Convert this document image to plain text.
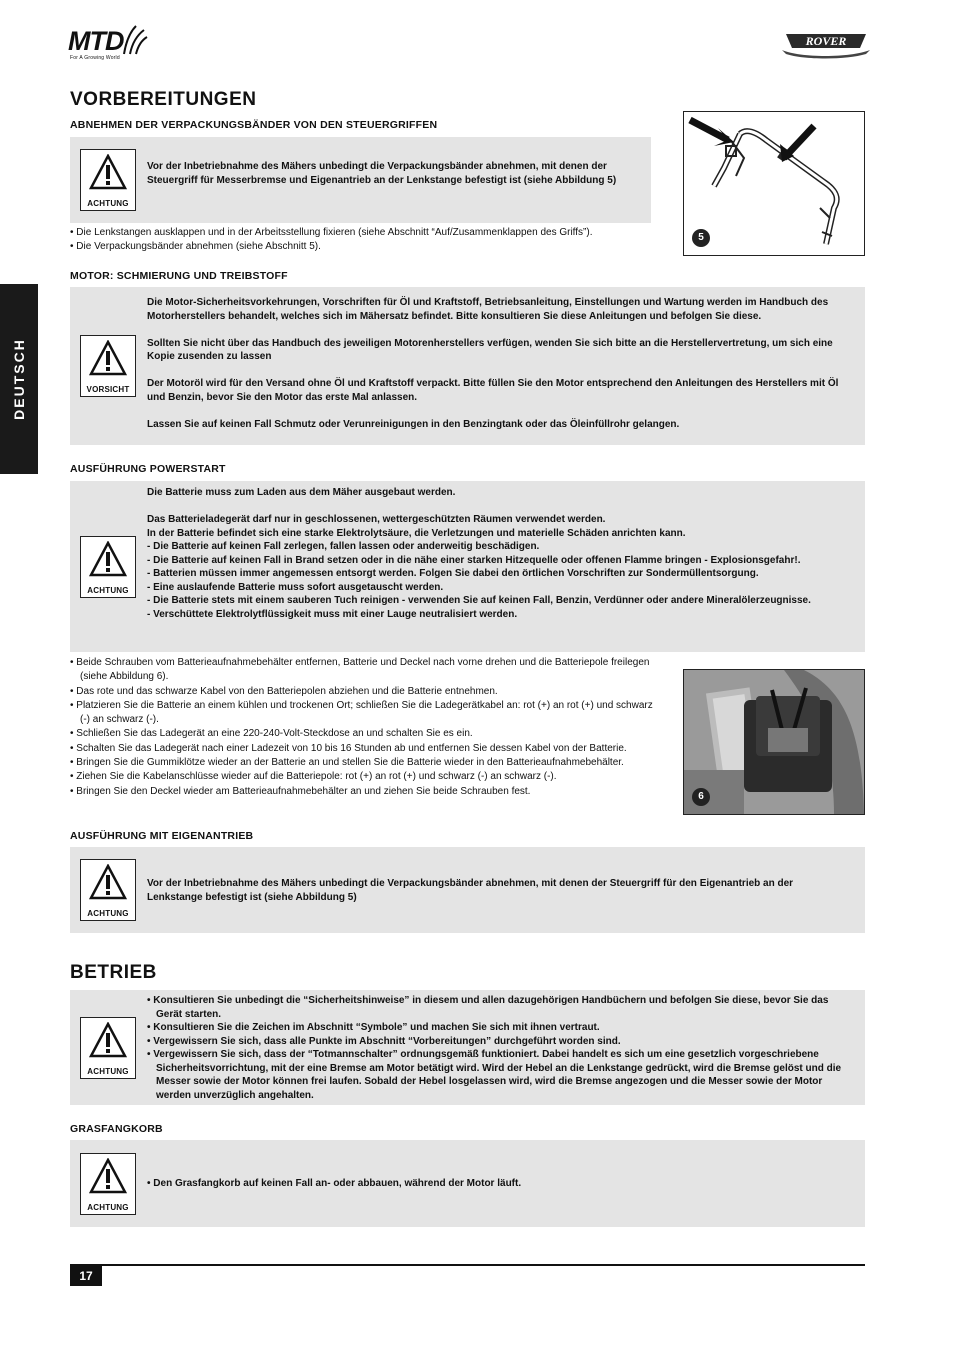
MTD
For A Growing World
ROVER
DEUTSCH
VORBEREITUNGEN
ABNEHMEN DER VERPACKUNGSBÄNDER VON DEN STEUERGRIFFEN
ACHTUNG
Vor der Inbetriebnahme des Mähers unbedingt die Verpackungsbänder abnehmen, mit denen der Steuergriff für Messerbremse und Eigenantrieb an der Lenkstange befestigt ist (siehe Abbildung 5)

• Die Lenkstangen ausklappen und in der Arbeitsstellung fixieren (siehe Abschnitt “Auf/Zusammenklappen des Griffs”).

• Die Verpackungsbänder abnehmen (siehe Abschnitt 5).

5
MOTOR: SCHMIERUNG UND TREIBSTOFF
VORSICHT

Die Motor-Sicherheitsvorkehrungen, Vorschriften für Öl und Kraftstoff, Betriebsanleitung, Einstellungen und Wartung werden im Handbuch des Motorherstellers behandelt, welches sich im Mähersatz befindet. Bitte konsultieren Sie diese Anleitungen und befolgen Sie diese.

Sollten Sie nicht über das Handbuch des jeweiligen Motorenherstellers verfügen, wenden Sie sich bitte an die Herstellervertretung, um sich eine Kopie zusenden zu lassen

Der Motoröl wird für den Versand ohne Öl und Kraftstoff verpackt. Bitte füllen Sie den Motor entsprechend den Anleitungen des Herstellers mit Öl und Benzin, bevor Sie den Motor das erste Mal anlassen.

Lassen Sie auf keinen Fall Schmutz oder Verunreinigungen in den Benzingtank oder das Öleinfüllrohr gelangen.

AUSFÜHRUNG POWERSTART
ACHTUNG

Die Batterie muss zum Laden aus dem Mäher ausgebaut werden.

Das Batterieladegerät darf nur in geschlossenen, wettergeschützten Räumen verwendet werden.

In der Batterie befindet sich eine starke Elektrolytsäure, die Verletzungen und materielle Schäden anrichten kann.

- Die Batterie auf keinen Fall zerlegen, fallen lassen oder anderweitig beschädigen.

- Die Batterie auf keinen Fall in Brand setzen oder in die nähe einer starken Hitzequelle oder offenen Flamme bringen - Explosionsgefahr!.

- Batterien müssen immer angemessen entsorgt werden. Folgen Sie dabei den örtlichen Vorschriften zur Sondermüllentsorgung.

- Eine auslaufende Batterie muss sofort ausgetauscht werden.

- Die Batterie stets mit einem sauberen Tuch reinigen - verwenden Sie auf keinen Fall, Benzin, Verdünner oder andere Mineralölerzeugnisse.

- Verschüttete Elektrolytflüssigkeit muss mit einer Lauge neutralisiert werden.

• Beide Schrauben vom Batterieaufnahmebehälter entfernen, Batterie und Deckel nach vorne drehen und die Batteriepole freilegen (siehe Abbildung 6).

• Das rote und das schwarze Kabel von den Batteriepolen abziehen und die Batterie entnehmen.

• Platzieren Sie die Batterie an einem kühlen und trockenen Ort; schließen Sie die Ladegerätkabel an: rot (+) an rot (+) und schwarz (-) an schwarz (-).

• Schließen Sie das Ladegerät an eine 220-240-Volt-Steckdose an und schalten Sie es ein.

• Schalten Sie das Ladegerät nach einer Ladezeit von 10 bis 16 Stunden ab und entfernen Sie dessen Kabel von der Batterie.

• Bringen Sie die Gummiklötze wieder an der Batterie an und stellen Sie die Batterie wieder in den Batterieaufnahmebehälter.

• Ziehen Sie die Kabelanschlüsse wieder auf die Batteriepole: rot (+) an rot (+) und schwarz (-) an schwarz (-).

• Bringen Sie den Deckel wieder am Batterieaufnahmebehälter an und ziehen Sie beide Schrauben fest.	6
AUSFÜHRUNG MIT EIGENANTRIEB
ACHTUNG
Vor der Inbetriebnahme des Mähers unbedingt die Verpackungsbänder abnehmen, mit denen der Steuergriff für den Eigenantrieb an der Lenkstange befestigt ist (siehe Abbildung 5)
BETRIEB
ACHTUNG

• Konsultieren Sie unbedingt die “Sicherheitshinweise” in diesem und allen dazugehörigen Handbüchern und befolgen Sie diese, bevor Sie das Gerät starten.

• Konsultieren Sie die Zeichen im Abschnitt “Symbole” und machen Sie sich mit ihnen vertraut.

• Vergewissern Sie sich, dass alle Punkte im Abschnitt “Vorbereitungen” durchgeführt worden sind.

• Vergewissern Sie sich, dass der “Totmannschalter” ordnungsgemäß funktioniert. Dabei handelt es sich um eine gesetzlich vorgeschriebene Sicherheitsvorrichtung, mit der eine Bremse am Motor betätigt wird. Wird der Hebel an die Lenkstange gedrückt, wird die Bremse gelöst und die Messer sowie der Motor können frei laufen. Sobald der Hebel losgelassen wird, wird die Bremse angezogen und die Messer sowie der Motor werden unverzüglich angehalten.

GRASFANGKORB
ACHTUNG
• Den Grasfangkorb auf keinen Fall an- oder abbauen, während der Motor läuft.
17
